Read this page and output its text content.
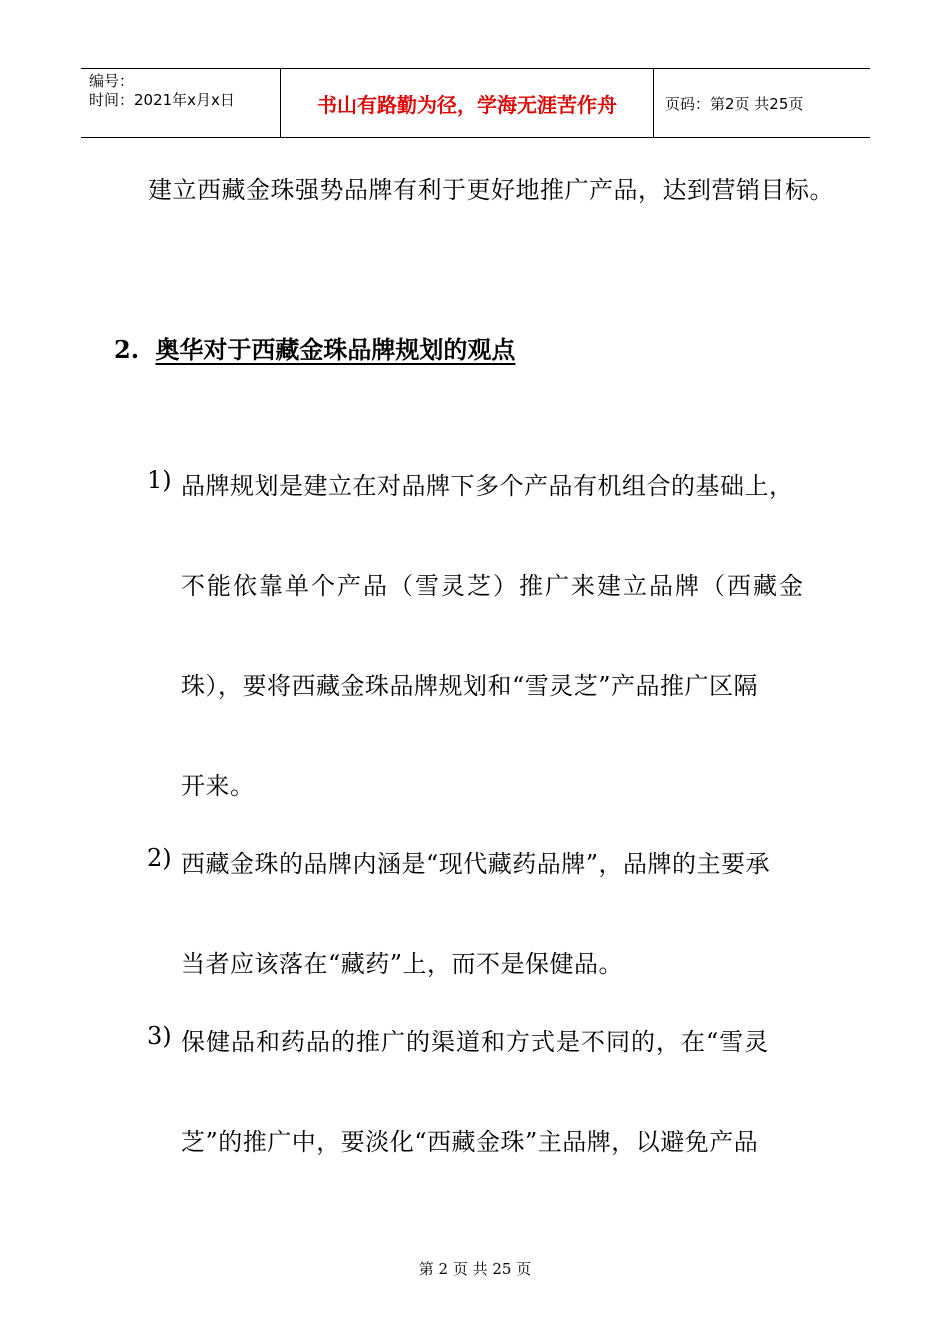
编号：
时间：2021年x月x日	书山有路勤为径，学海无涯苦作舟	页码：第2页 共25页
建立西藏金珠强势品牌有利于更好地推广产品，达到营销目标。
2. 奥华对于西藏金珠品牌规划的观点
1) 品牌规划是建立在对品牌下多个产品有机组合的基础上，
不能依靠单个产品（雪灵芝）推广来建立品牌（西藏金
珠），要将西藏金珠品牌规划和“雪灵芝”产品推广区隔
开来。
2) 西藏金珠的品牌内涵是“现代藏药品牌”，品牌的主要承
当者应该落在“藏药”上，而不是保健品。
3) 保健品和药品的推广的渠道和方式是不同的，在“雪灵
芝”的推广中，要淡化“西藏金珠”主品牌，以避免产品
第 2 页 共 25 页
